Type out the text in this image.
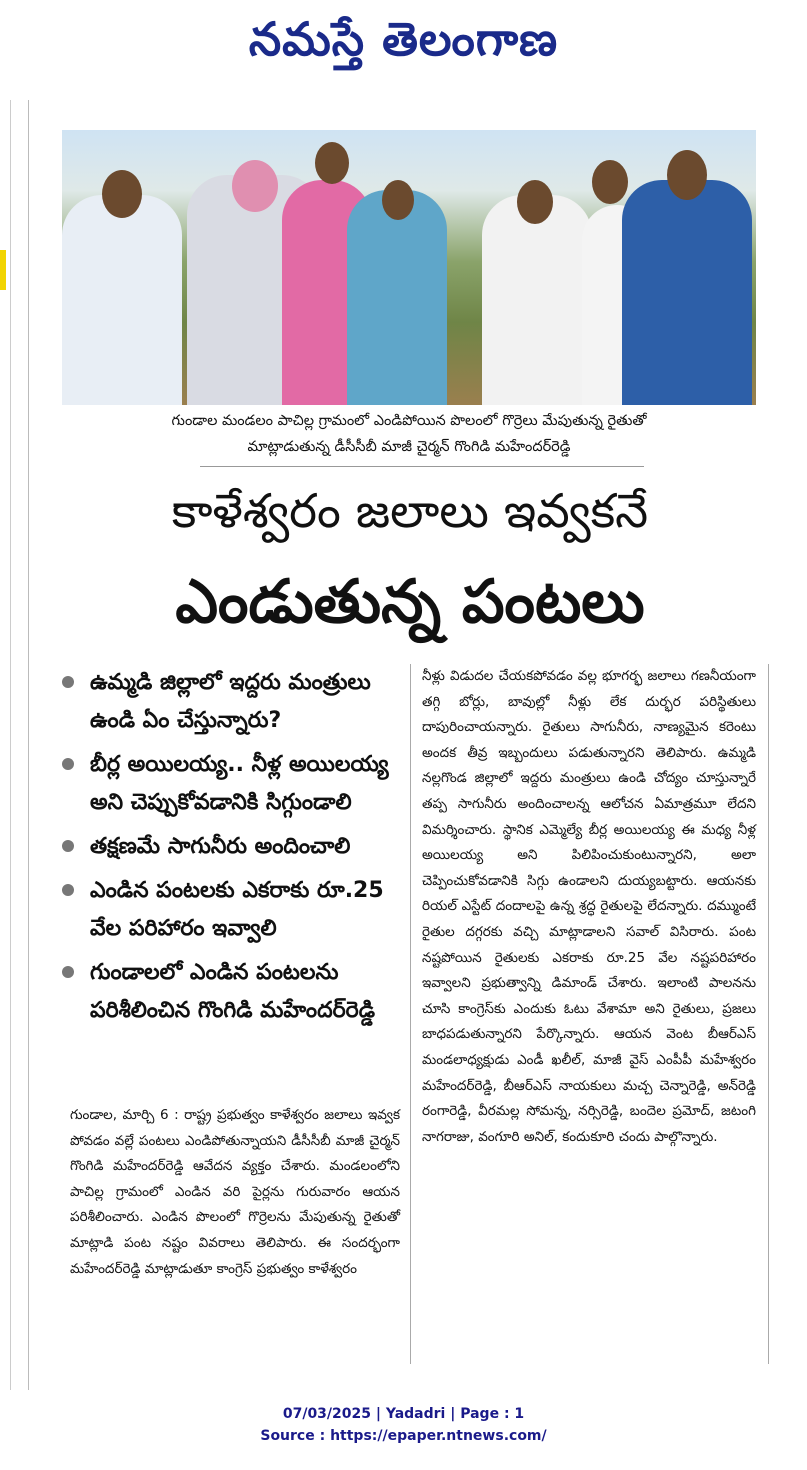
నమస్తే తెలంగాణ
గుండాల మండలం పాచిల్ల గ్రామంలో ఎండిపోయిన పొలంలో గొర్రెలు మేపుతున్న రైతుతో
మాట్లాడుతున్న డీసీసీబీ మాజీ చైర్మన్ గొంగిడి మహేందర్‌రెడ్డి
కాళేశ్వరం జలాలు ఇవ్వకనే
ఎండుతున్న పంటలు
ఉమ్మడి జిల్లాలో ఇద్దరు మంత్రులు ఉండి ఏం చేస్తున్నారు?
బీర్ల అయిలయ్య.. నీళ్ల అయిలయ్య అని చెప్పుకోవడానికి సిగ్గుండాలి
తక్షణమే సాగునీరు అందించాలి
ఎండిన పంటలకు ఎకరాకు రూ.25 వేల పరిహారం ఇవ్వాలి
గుండాలలో ఎండిన పంటలను పరిశీలించిన గొంగిడి మహేందర్‌రెడ్డి
గుండాల, మార్చి 6 : రాష్ట్ర ప్రభుత్వం కాళేశ్వరం జలాలు ఇవ్వక పోవడం వల్లే పంటలు ఎండిపోతున్నాయని డీసీసీబీ మాజీ చైర్మన్ గొంగిడి మహేందర్‌రెడ్డి ఆవేదన వ్యక్తం చేశారు. మండలంలోని పాచిల్ల గ్రామంలో ఎండిన వరి పైర్లను గురువారం ఆయన పరిశీలించారు. ఎండిన పొలంలో గొర్రెలను మేపుతున్న రైతుతో మాట్లాడి పంట నష్టం వివరాలు తెలిపారు. ఈ సందర్భంగా మహేందర్‌రెడ్డి మాట్లాడుతూ కాంగ్రెస్ ప్రభుత్వం కాళేశ్వరం
నీళ్లు విడుదల చేయకపోవడం వల్ల భూగర్భ జలాలు గణనీయంగా తగ్గి బోర్లు, బావుల్లో నీళ్లు లేక దుర్భర పరిస్థితులు దాపురించాయన్నారు. రైతులు సాగునీరు, నాణ్యమైన కరెంటు అందక తీవ్ర ఇబ్బందులు పడుతున్నారని తెలిపారు. ఉమ్మడి నల్లగొండ జిల్లాలో ఇద్దరు మంత్రులు ఉండి చోద్యం చూస్తున్నారే తప్ప సాగునీరు అందించాలన్న ఆలోచన ఏమాత్రమూ లేదని విమర్శించారు. స్థానిక ఎమ్మెల్యే బీర్ల అయిలయ్య ఈ మధ్య నీళ్ల అయిలయ్య అని పిలిపించుకుంటున్నారని, అలా చెప్పించుకోవడానికి సిగ్గు ఉండాలని దుయ్యబట్టారు. ఆయనకు రియల్ ఎస్టేట్ దందాలపై ఉన్న శ్రద్ధ రైతులపై లేదన్నారు. దమ్ముంటే రైతుల దగ్గరకు వచ్చి మాట్లాడాలని సవాల్ విసిరారు. పంట నష్టపోయిన రైతులకు ఎకరాకు రూ.25 వేల నష్టపరిహారం ఇవ్వాలని ప్రభుత్వాన్ని డిమాండ్ చేశారు. ఇలాంటి పాలనను చూసి కాంగ్రెస్‌కు ఎందుకు ఓటు వేశామా అని రైతులు, ప్రజలు బాధపడుతున్నారని పేర్కొన్నారు. ఆయన వెంట బీఆర్‌ఎస్ మండలాధ్యక్షుడు ఎండీ ఖలీల్, మాజీ వైస్ ఎంపీపీ మహేశ్వరం మహేందర్‌రెడ్డి, బీఆర్‌ఎస్ నాయకులు మచ్చ చెన్నారెడ్డి, అన్‌రెడ్డి రంగారెడ్డి, వీరమల్ల సోమన్న, నర్సిరెడ్డి, బందెల ప్రమోద్, జటంగి నాగరాజు, వంగూరి అనిల్, కందుకూరి చందు పాల్గొన్నారు.
07/03/2025 | Yadadri | Page : 1
Source : https://epaper.ntnews.com/
